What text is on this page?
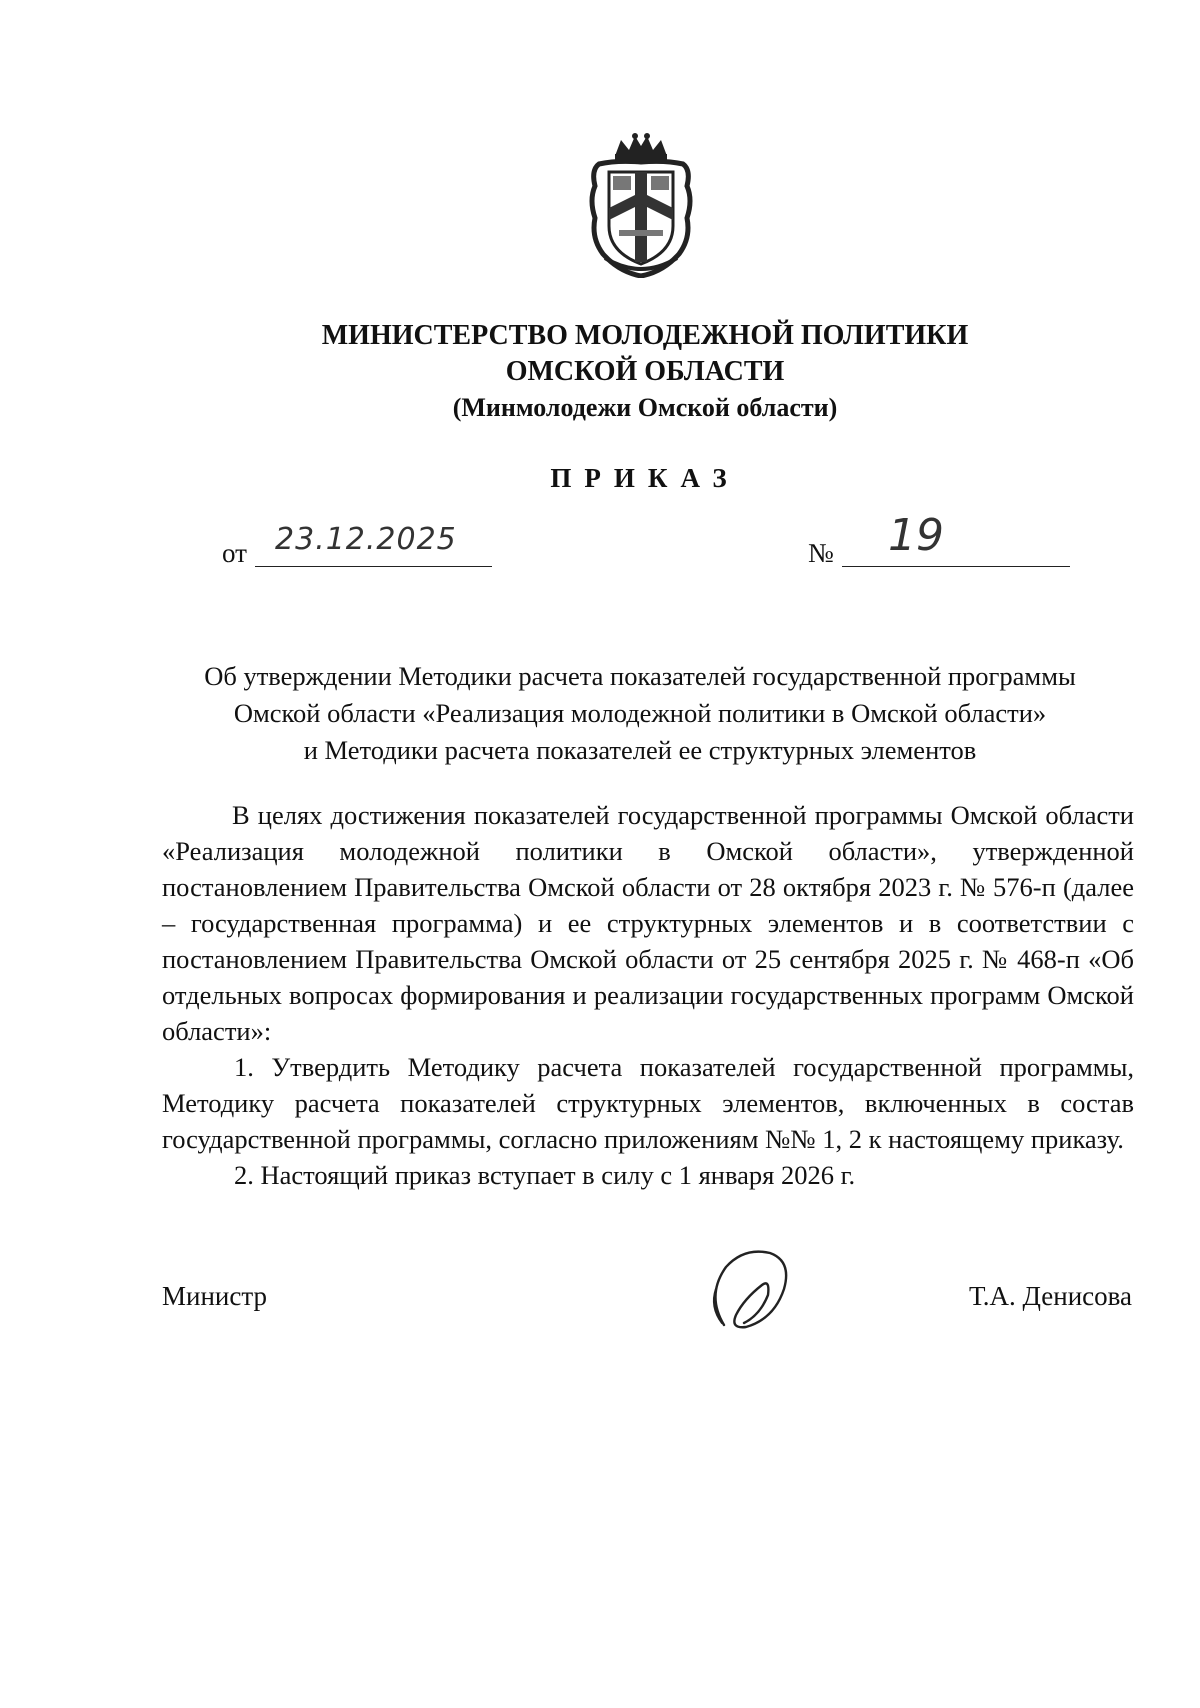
МИНИСТЕРСТВО МОЛОДЕЖНОЙ ПОЛИТИКИ
ОМСКОЙ ОБЛАСТИ
(Минмолодежи Омской области)
ПРИКАЗ
от 23.12.2025	№ 19
Об утверждении Методики расчета показателей государственной программы
Омской области «Реализация молодежной политики в Омской области»
и Методики расчета показателей ее структурных элементов

В целях достижения показателей государственной программы Омской области «Реализация молодежной политики в Омской области», утвержденной постановлением Правительства Омской области от 28 октября 2023 г. № 576-п (далее – государственная программа) и ее структурных элементов и в соответствии с постановлением Правительства Омской области от 25 сентября 2025 г. № 468-п «Об отдельных вопросах формирования и реализации государственных программ Омской области»:

1. Утвердить Методику расчета показателей государственной программы, Методику расчета показателей структурных элементов, включенных в состав государственной программы, согласно приложениям №№ 1, 2 к настоящему приказу.

2. Настоящий приказ вступает в силу с 1 января 2026 г.

Министр	Т.А. Денисова
